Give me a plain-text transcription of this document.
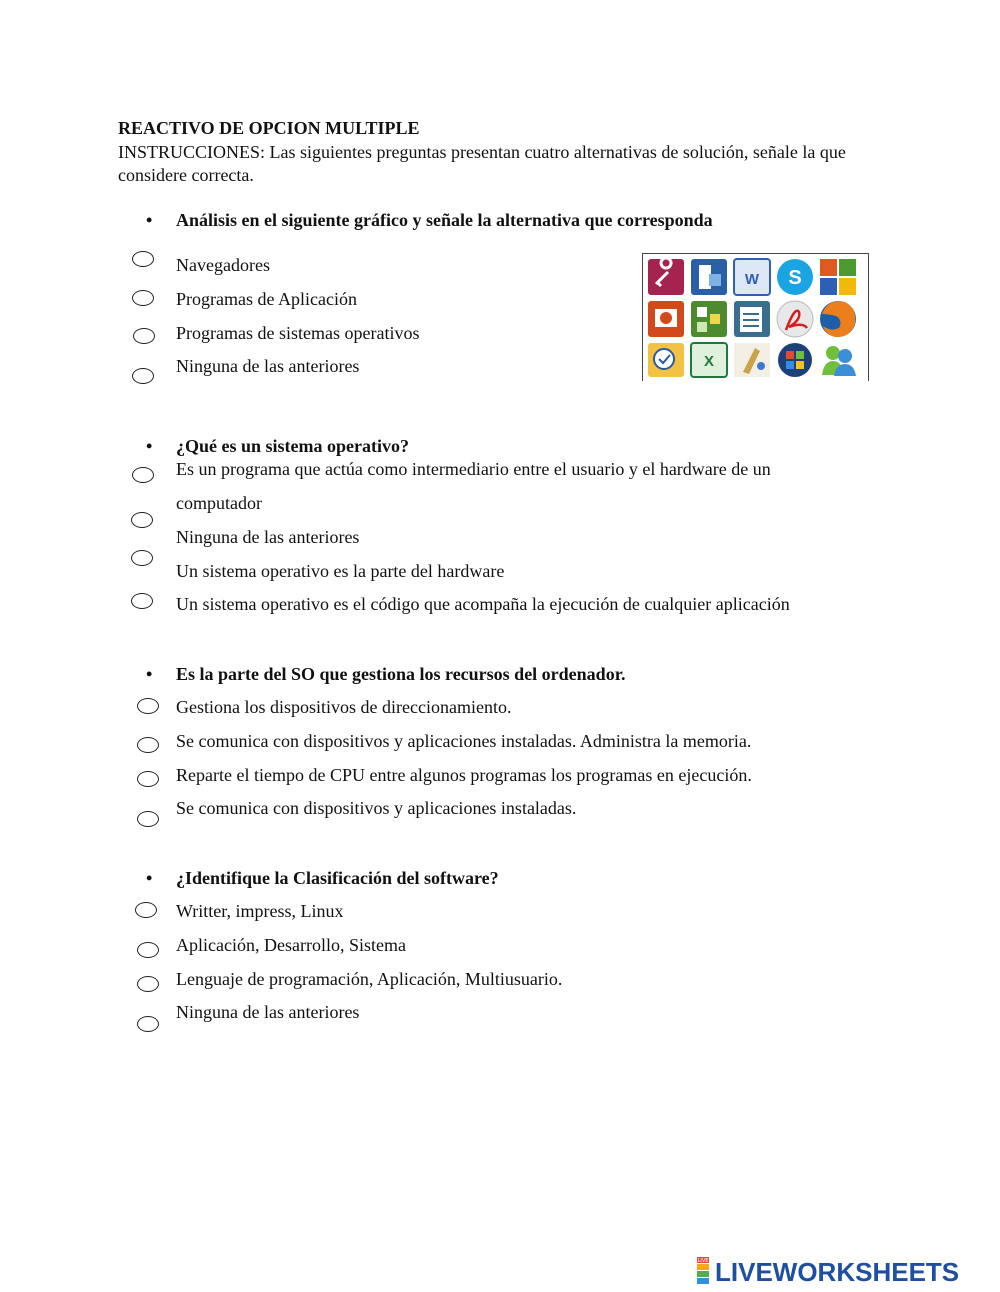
REACTIVO DE OPCION MULTIPLE
INSTRUCCIONES: Las siguientes preguntas presentan cuatro alternativas de solución, señale la que considere correcta.
• Análisis en el siguiente gráfico y señale la alternativa que corresponda
Navegadores
Programas de Aplicación
Programas de sistemas operativos
Ninguna de las anteriores
W S
X
• ¿Qué es un sistema operativo?
Es un programa que actúa como intermediario entre el usuario y el hardware de un
computador
Ninguna de las anteriores
Un sistema operativo es la parte del hardware
Un sistema operativo es el código que acompaña la ejecución de cualquier aplicación
• Es la parte del SO que gestiona los recursos del ordenador.
Gestiona los dispositivos de direccionamiento.
Se comunica con dispositivos y aplicaciones instaladas. Administra la memoria.
Reparte el tiempo de CPU entre algunos programas los programas en ejecución.
Se comunica con dispositivos y aplicaciones instaladas.
• ¿Identifique la Clasificación del software?
Writter, impress, Linux
Aplicación, Desarrollo, Sistema
Lenguaje de programación, Aplicación, Multiusuario.
Ninguna de las anteriores
LIVE LIVEWORKSHEETS
